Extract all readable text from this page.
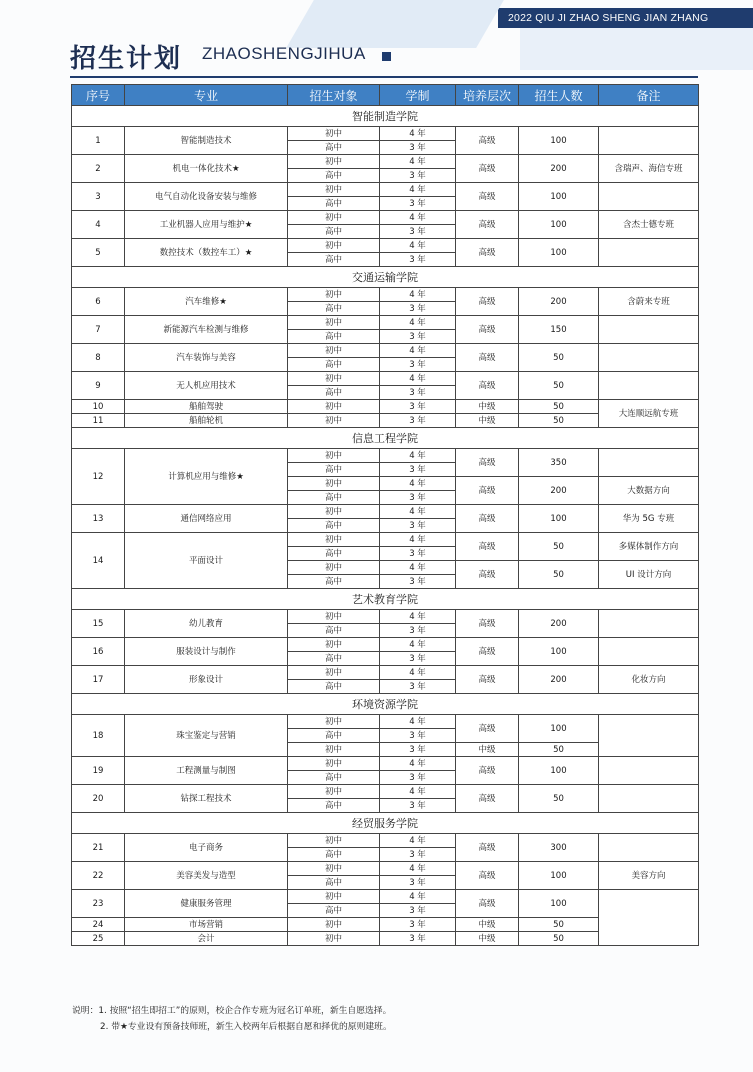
2022 QIU JI ZHAO SHENG JIAN ZHANG
招生计划 ZHAOSHENGJIHUA
序号	专业	招生对象	学制	培养层次	招生人数	备注
智能制造学院						
1	智能制造技术	初中	4 年	高级	100	
		高中	3 年			
2	机电一体化技术★	初中	4 年	高级	200	含瑞声、海信专班
		高中	3 年			
3	电气自动化设备安装与维修	初中	4 年	高级	100	
		高中	3 年			
4	工业机器人应用与维护★	初中	4 年	高级	100	含杰士德专班
		高中	3 年			
5	数控技术（数控车工）★	初中	4 年	高级	100	
		高中	3 年			
交通运输学院						
6	汽车维修★	初中	4 年	高级	200	含蔚来专班
		高中	3 年			
7	新能源汽车检测与维修	初中	4 年	高级	150	
		高中	3 年			
8	汽车装饰与美容	初中	4 年	高级	50	
		高中	3 年			
9	无人机应用技术	初中	4 年	高级	50	
		高中	3 年			
10	船舶驾驶	初中	3 年	中级	50	大连顺远航专班
11	船舶轮机	初中	3 年	中级	50	
信息工程学院						
12	计算机应用与维修★	初中	4 年	高级	350	
		高中	3 年			
		初中	4 年	高级	200	大数据方向
		高中	3 年			
13	通信网络应用	初中	4 年	高级	100	华为 5G 专班
		高中	3 年			
14	平面设计	初中	4 年	高级	50	多媒体制作方向
		高中	3 年			
		初中	4 年	高级	50	UI 设计方向
		高中	3 年			
艺术教育学院						
15	幼儿教育	初中	4 年	高级	200	
		高中	3 年			
16	服装设计与制作	初中	4 年	高级	100	
		高中	3 年			
17	形象设计	初中	4 年	高级	200	化妆方向
		高中	3 年			
环境资源学院						
18	珠宝鉴定与营销	初中	4 年	高级	100	
		高中	3 年			
		初中	3 年	中级	50	
19	工程测量与制图	初中	4 年	高级	100	
		高中	3 年			
20	钻探工程技术	初中	4 年	高级	50	
		高中	3 年			
经贸服务学院						
21	电子商务	初中	4 年	高级	300	
		高中	3 年			
22	美容美发与造型	初中	4 年	高级	100	美容方向
		高中	3 年			
23	健康服务管理	初中	4 年	高级	100	
		高中	3 年			
24	市场营销	初中	3 年	中级	50	
25	会计	初中	3 年	中级	50	
说明：1. 按照“招生即招工”的原则，校企合作专班为冠名订单班，新生自愿选择。
2. 带★专业设有预备技师班，新生入校两年后根据自愿和择优的原则建班。
